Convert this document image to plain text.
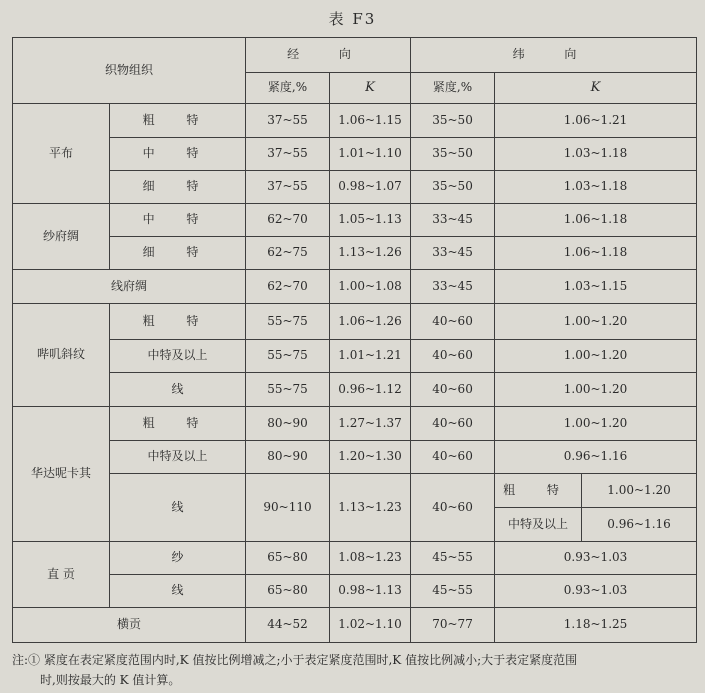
表 F3
织物组织		经 向		纬 向		
		紧度,%	K	紧度,%	K	
平布	粗 特	37~55	1.06~1.15	35~50	1.06~1.21	
	中 特	37~55	1.01~1.10	35~50	1.03~1.18	
	细 特	37~55	0.98~1.07	35~50	1.03~1.18	
纱府绸	中 特	62~70	1.05~1.13	33~45	1.06~1.18	
	细 特	62~75	1.13~1.26	33~45	1.06~1.18	
线府绸		62~70	1.00~1.08	33~45	1.03~1.15	
哔叽斜纹	粗 特	55~75	1.06~1.26	40~60	1.00~1.20	
	中特及以上	55~75	1.01~1.21	40~60	1.00~1.20	
	线	55~75	0.96~1.12	40~60	1.00~1.20	
华达呢卡其	粗 特	80~90	1.27~1.37	40~60	1.00~1.20	
	中特及以上	80~90	1.20~1.30	40~60	0.96~1.16	
	线	90~110	1.13~1.23	40~60	粗 特	1.00~1.20
					中特及以上	0.96~1.16
直 贡	纱	65~80	1.08~1.23	45~55	0.93~1.03	
	线	65~80	0.98~1.13	45~55	0.93~1.03	
横贡		44~52	1.02~1.10	70~77	1.18~1.25	
注:① 紧度在表定紧度范围内时,K 值按比例增减之;小于表定紧度范围时,K 值按比例减小;大于表定紧度范围
时,则按最大的 K 值计算。
